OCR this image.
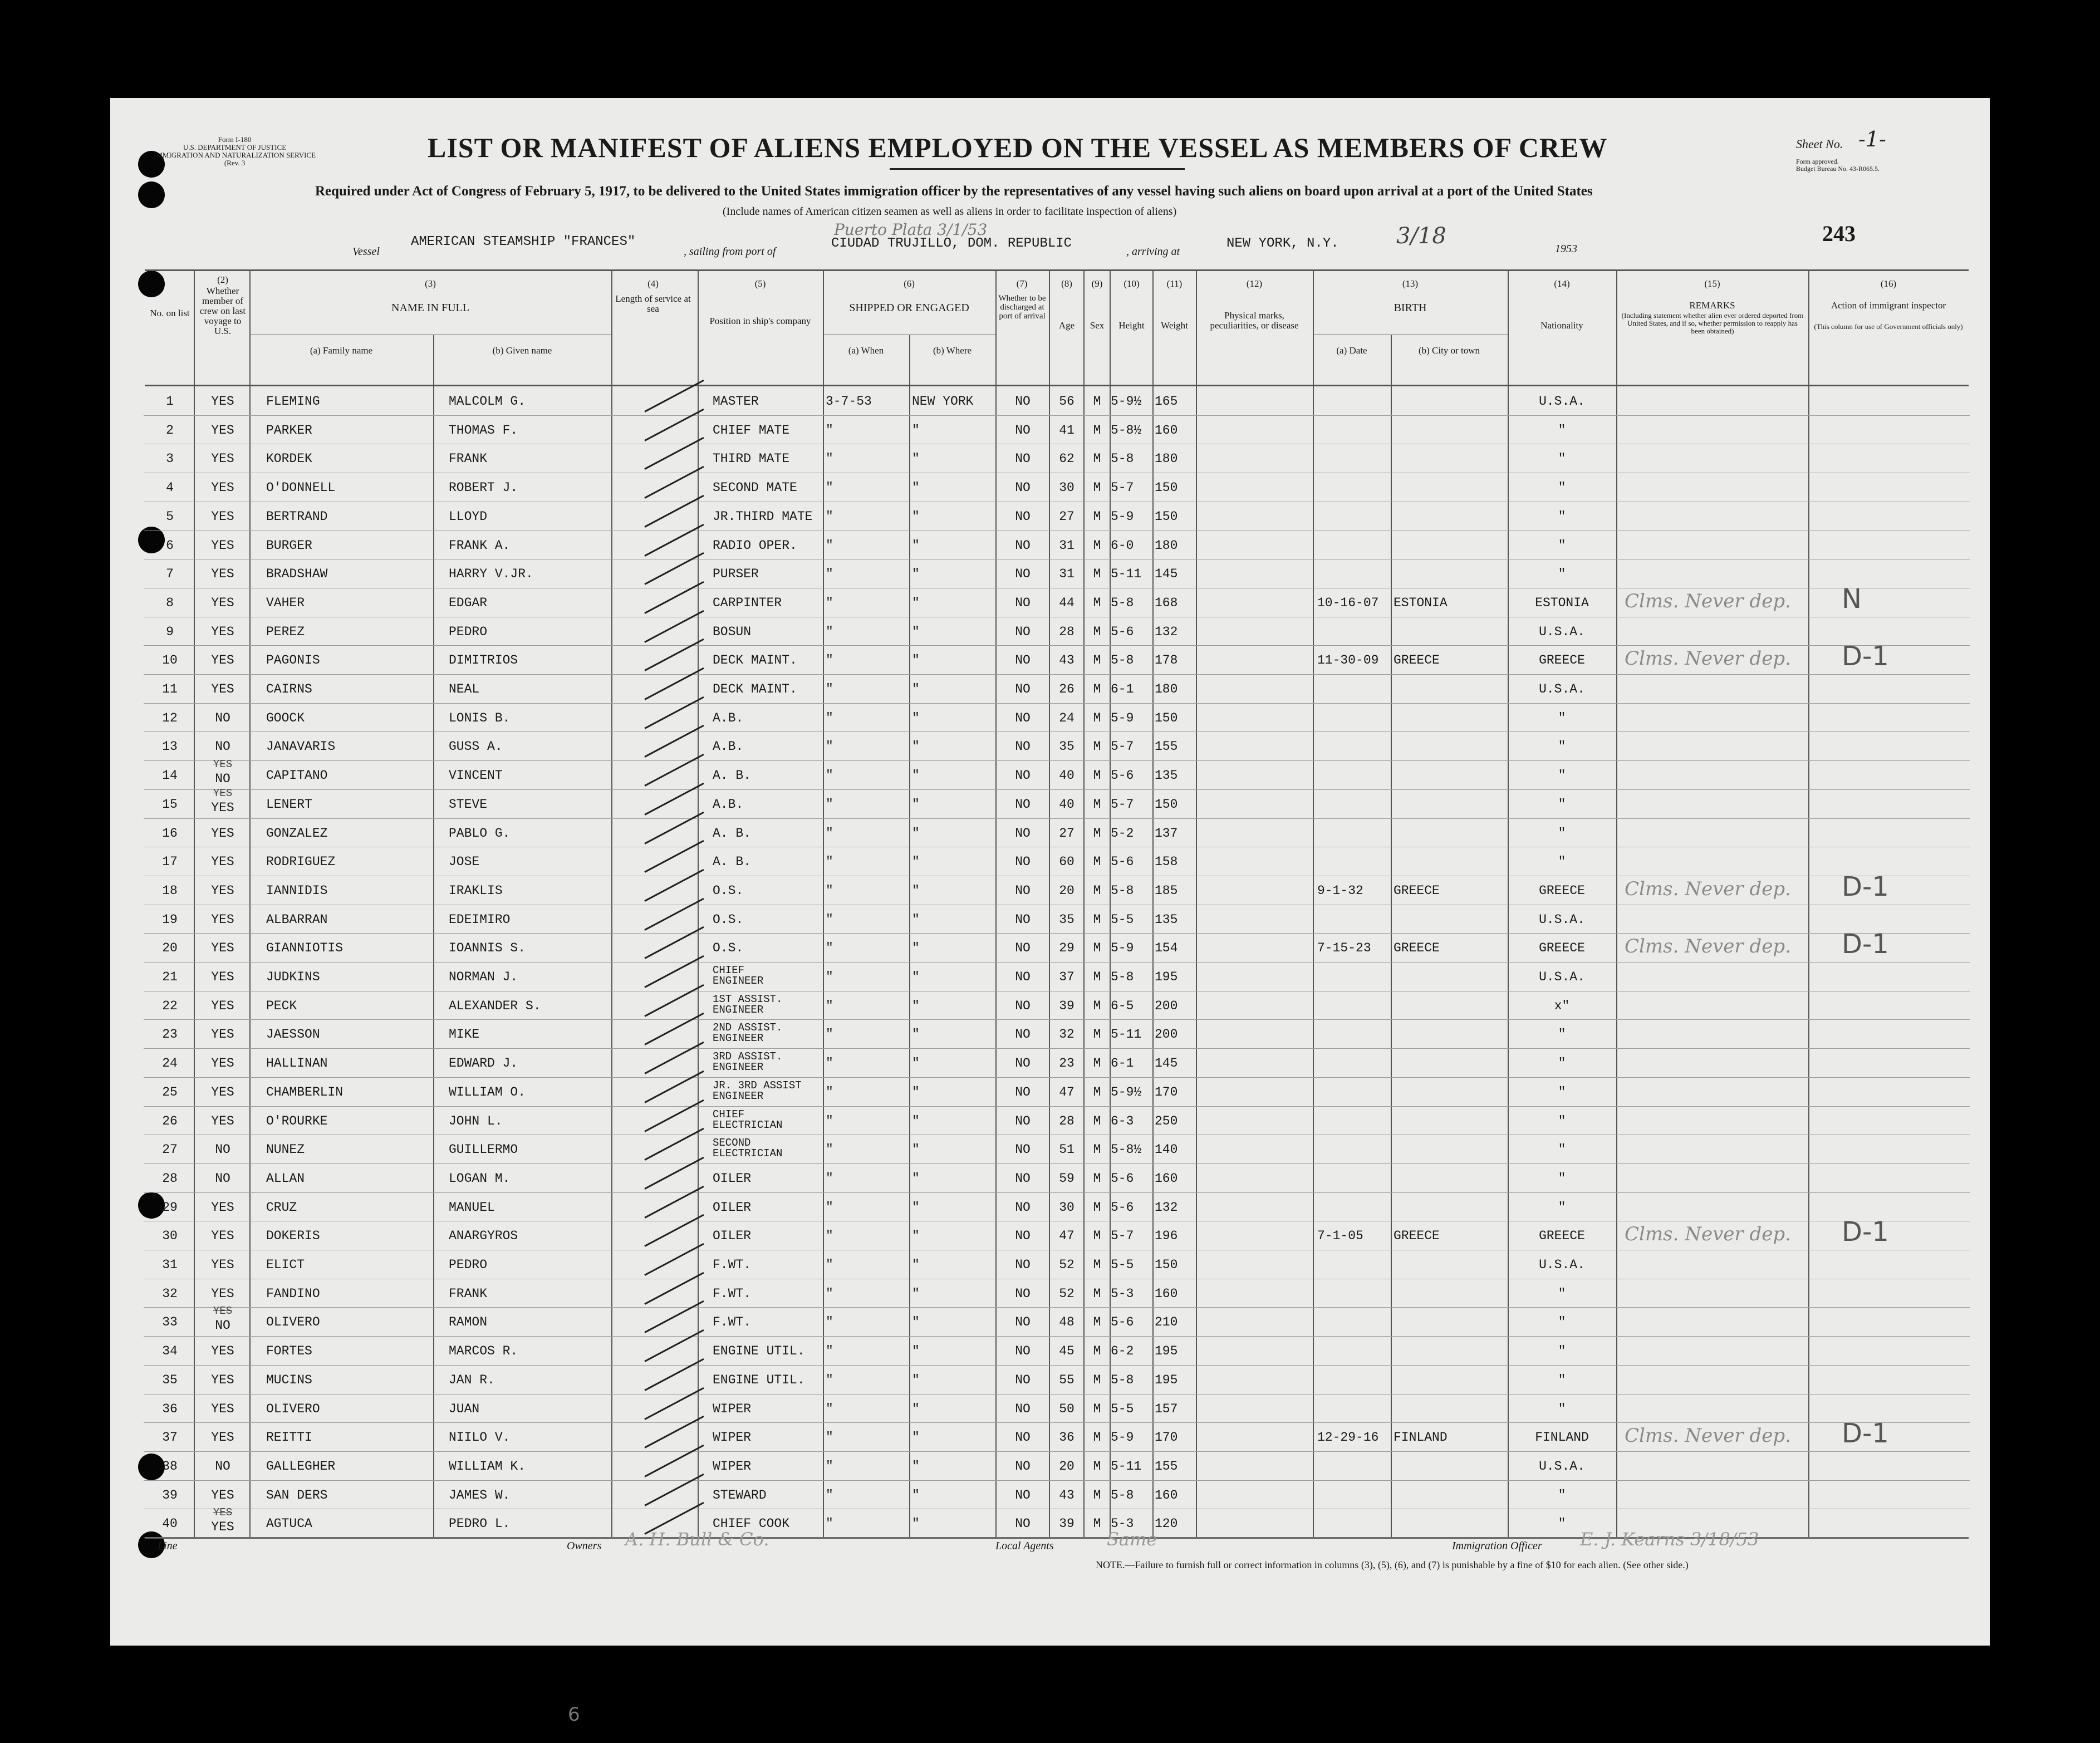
Form I-180
U.S. DEPARTMENT OF JUSTICE
IMMIGRATION AND NATURALIZATION SERVICE
(Rev. 3	LIST OR MANIFEST OF ALIENS EMPLOYED ON THE VESSEL AS MEMBERS OF CREW	Sheet No. -1-
Form approved.
Budget Bureau No. 43-R065.5.
Required under Act of Congress of February 5, 1917, to be delivered to the United States immigration officer by the representatives of any vessel having such aliens on board upon arrival at a port of the United States
(Include names of American citizen seamen as well as aliens in order to facilitate inspection of aliens)
Vessel
AMERICAN STEAMSHIP "FRANCES"
, sailing from port of
Puerto Plata 3/1/53
CIUDAD TRUJILLO, DOM. REPUBLIC
, arriving at
NEW YORK, N.Y.	3/18	1953
243
No. on list
(2)
Whether member of crew on last voyage to U.S.
(3)
NAME IN FULL
(a) Family name	(b) Given name
(4)
Length of service at sea
(5)
Position in ship's company
(6)
SHIPPED OR ENGAGED
(a) When	(b) Where
(7)
Whether to be discharged at port of arrival
(8)
Age
(9)
Sex
(10)
Height
(11)
Weight
(12)
Physical marks, peculiarities, or disease
(13)
BIRTH
(a) Date	(b) City or town
(14)
Nationality
(15)
REMARKS
(Including statement whether alien ever ordered deported from United States, and if so, whether permission to reapply has been obtained)
(16)
Action of immigrant inspector
(This column for use of Government officials only)
1	YES	FLEMING	MALCOLM G.	MASTER	3-7-53	NEW YORK	NO	56	M 5-9½	165	U.S.A.
2	YES	PARKER	THOMAS F.	CHIEF MATE	"	"	NO	41	M 5-8½	160	"
3	YES	KORDEK	FRANK	THIRD MATE	"	"	NO	62	M 5-8	180	"
4	YES	O'DONNELL	ROBERT J.	SECOND MATE	"	"	NO	30	M 5-7	150	"
5	YES	BERTRAND	LLOYD	JR.THIRD MATE	"	"	NO	27	M 5-9	150	"
6	YES	BURGER	FRANK A.	RADIO OPER.	"	"	NO	31	M 6-0	180	"
7	YES	BRADSHAW	HARRY V.JR.	PURSER	"	"	NO	31	M 5-11	145	"
8	YES	VAHER	EDGAR	CARPINTER	"	"	NO	44	M 5-8	168	10-16-07	ESTONIA	ESTONIA	Clms. Never dep. N
9	YES	PEREZ	PEDRO	BOSUN	"	"	NO	28	M 5-6	132	U.S.A.
10	YES	PAGONIS	DIMITRIOS	DECK MAINT.	"	"	NO	43	M 5-8	178	11-30-09	GREECE	GREECE	Clms. Never dep. D-1
11	YES	CAIRNS	NEAL	DECK MAINT.	"	"	NO	26	M 6-1	180	U.S.A.
12	NO	GOOCK	LONIS B.	A.B.	"	"	NO	24	M 5-9	150	"
13	NO	JANAVARIS	GUSS A.	A.B.	"	"	NO	35	M 5-7	155	"
14	NO	CAPITANO	VINCENT	A. B.	"	"	NO	40	M 5-6	135	"
YES
15	YES	LENERT	STEVE	A.B.	"	"	NO	40	M 5-7	150	"
YES
16	YES	GONZALEZ	PABLO G.	A. B.	"	"	NO	27	M 5-2	137	"
17	YES	RODRIGUEZ	JOSE	A. B.	"	"	NO	60	M 5-6	158	"
18	YES	IANNIDIS	IRAKLIS	O.S.	"	"	NO	20	M 5-8	185	9-1-32	GREECE	GREECE	Clms. Never dep. D-1
19	YES	ALBARRAN	EDEIMIRO	O.S.	"	"	NO	35	M 5-5	135	U.S.A.
20	YES	GIANNIOTIS	IOANNIS S.	O.S.	"	"	NO	29	M 5-9	154	7-15-23	GREECE	GREECE	Clms. Never dep. D-1
21	YES	JUDKINS	NORMAN J.	CHIEF
ENGINEER	"	"	NO	37	M 5-8	195	U.S.A.
22	YES	PECK	ALEXANDER S.	1ST ASSIST.
ENGINEER	"	"	NO	39	M 6-5	200	x"
23	YES	JAESSON	MIKE	2ND ASSIST.
ENGINEER	"	"	NO	32	M 5-11	200	"
24	YES	HALLINAN	EDWARD J.	3RD ASSIST.
ENGINEER	"	"	NO	23	M 6-1	145	"
25	YES	CHAMBERLIN	WILLIAM O.	JR. 3RD ASSIST
ENGINEER	"	"	NO	47	M 5-9½	170	"
26	YES	O'ROURKE	JOHN L.	CHIEF
ELECTRICIAN	"	"	NO	28	M 6-3	250	"
27	NO	NUNEZ	GUILLERMO	SECOND
ELECTRICIAN	"	"	NO	51	M 5-8½	140	"
28	NO	ALLAN	LOGAN M.	OILER	"	"	NO	59	M 5-6	160	"
29	YES	CRUZ	MANUEL	OILER	"	"	NO	30	M 5-6	132	"
30	YES	DOKERIS	ANARGYROS	OILER	"	"	NO	47	M 5-7	196	7-1-05	GREECE	GREECE	Clms. Never dep. D-1
31	YES	ELICT	PEDRO	F.WT.	"	"	NO	52	M 5-5	150	U.S.A.
32	YES	FANDINO	FRANK	F.WT.	"	"	NO	52	M 5-3	160	"
33	NO	OLIVERO	RAMON	F.WT.	"	"	NO	48	M 5-6	210	"
YES
34	YES	FORTES	MARCOS R.	ENGINE UTIL.	"	"	NO	45	M 6-2	195	"
35	YES	MUCINS	JAN R.	ENGINE UTIL.	"	"	NO	55	M 5-8	195	"
36	YES	OLIVERO	JUAN	WIPER	"	"	NO	50	M 5-5	157	"
37	YES	REITTI	NIILO V.	WIPER	"	"	NO	36	M 5-9	170	12-29-16	FINLAND	FINLAND	Clms. Never dep. D-1
38	NO	GALLEGHER	WILLIAM K.	WIPER	"	"	NO	20	M 5-11	155	U.S.A.
39	YES	SAN DERS	JAMES W.	STEWARD	"	"	NO	43	M 5-8	160	"
40	YES	AGTUCA	PEDRO L.	CHIEF COOK	"	"	NO	39	M 5-3	120	"
YES
Line	Owners A. H. Bull & Co.	Local Agents	Same	Immigration Officer E. J. Kearns 3/18/53
NOTE.—Failure to furnish full or correct information in columns (3), (5), (6), and (7) is punishable by a fine of $10 for each alien. (See other side.)
6
